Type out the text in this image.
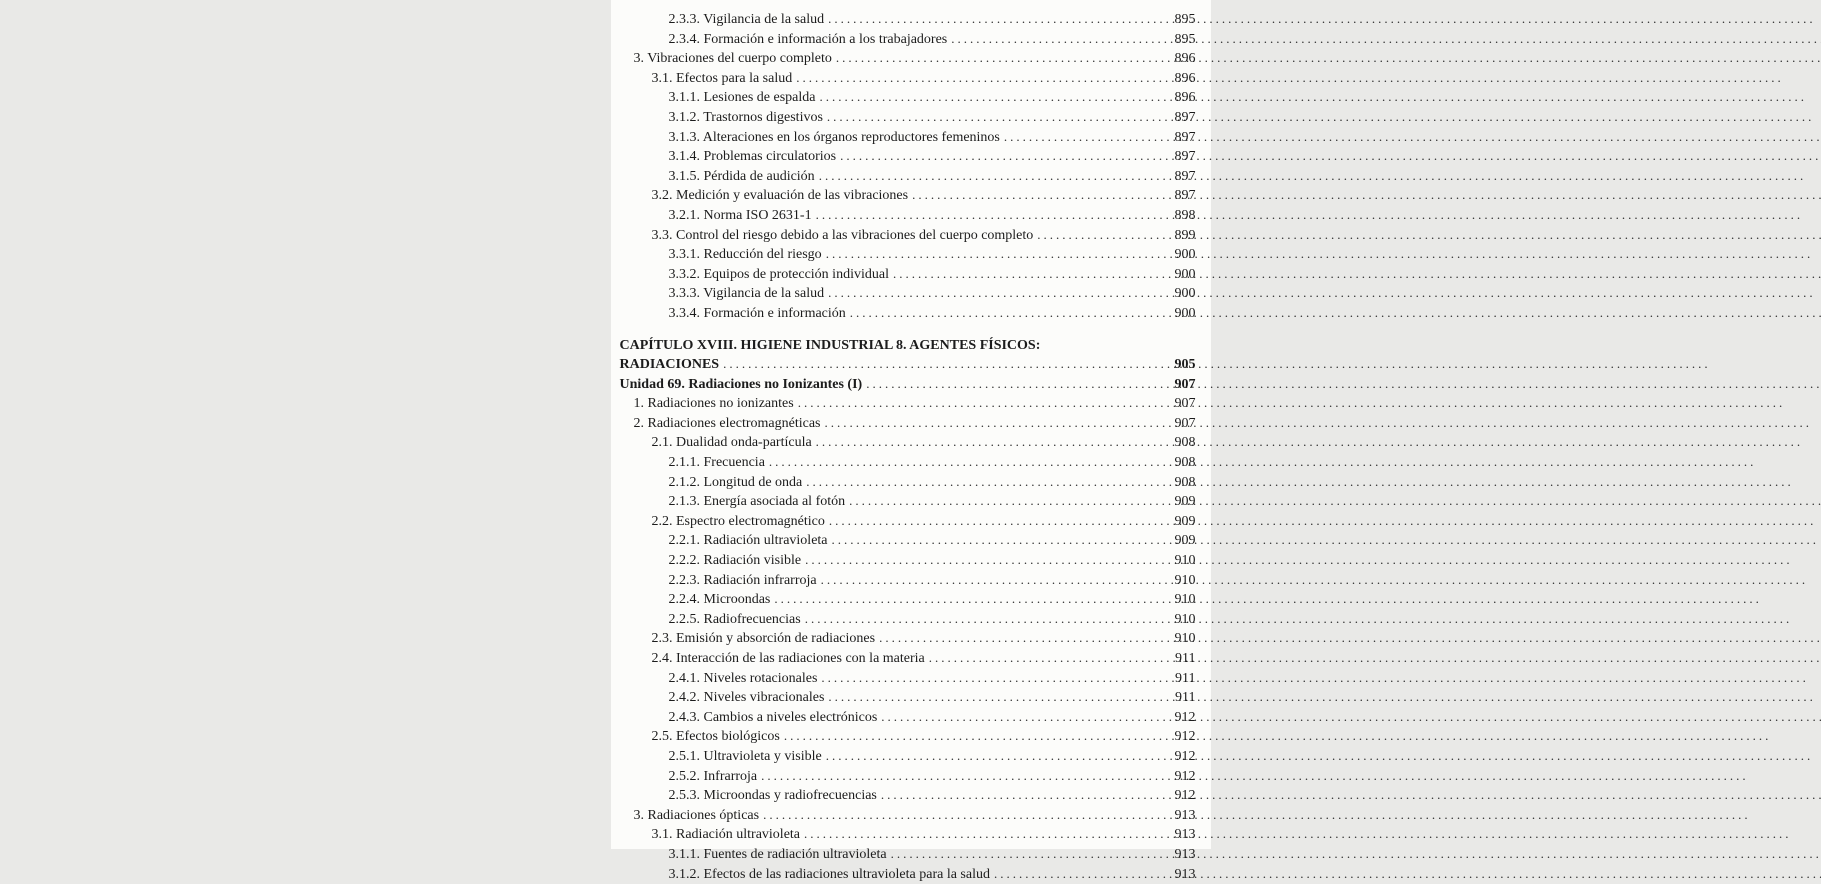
2.3.3. Vigilancia de la salud .....	895
2.3.4. Formación e información a los trabajadores .....	895
3. Vibraciones del cuerpo completo .....	896
3.1. Efectos para la salud .....	896
3.1.1. Lesiones de espalda .....	896
3.1.2. Trastornos digestivos .....	897
3.1.3. Alteraciones en los órganos reproductores femeninos .....	897
3.1.4. Problemas circulatorios .....	897
3.1.5. Pérdida de audición .....	897
3.2. Medición y evaluación de las vibraciones .....	897
3.2.1. Norma ISO 2631-1 .....	898
3.3. Control del riesgo debido a las vibraciones del cuerpo completo .....	899
3.3.1. Reducción del riesgo .....	900
3.3.2. Equipos de protección individual .....	900
3.3.3. Vigilancia de la salud .....	900
3.3.4. Formación e información .....	900
CAPÍTULO XVIII. HIGIENE INDUSTRIAL 8. AGENTES FÍSICOS:
RADIACIONES .....	905
Unidad 69. Radiaciones no Ionizantes (I) .....	907
1. Radiaciones no ionizantes .....	907
2. Radiaciones electromagnéticas .....	907
2.1. Dualidad onda-partícula .....	908
2.1.1. Frecuencia .....	908
2.1.2. Longitud de onda .....	908
2.1.3. Energía asociada al fotón .....	909
2.2. Espectro electromagnético .....	909
2.2.1. Radiación ultravioleta .....	909
2.2.2. Radiación visible .....	910
2.2.3. Radiación infrarroja .....	910
2.2.4. Microondas .....	910
2.2.5. Radiofrecuencias .....	910
2.3. Emisión y absorción de radiaciones .....	910
2.4. Interacción de las radiaciones con la materia .....	911
2.4.1. Niveles rotacionales .....	911
2.4.2. Niveles vibracionales .....	911
2.4.3. Cambios a niveles electrónicos .....	912
2.5. Efectos biológicos .....	912
2.5.1. Ultravioleta y visible .....	912
2.5.2. Infrarroja .....	912
2.5.3. Microondas y radiofrecuencias .....	912
3. Radiaciones ópticas .....	913
3.1. Radiación ultravioleta .....	913
3.1.1. Fuentes de radiación ultravioleta .....	913
3.1.2. Efectos de las radiaciones ultravioleta para la salud .....	913
